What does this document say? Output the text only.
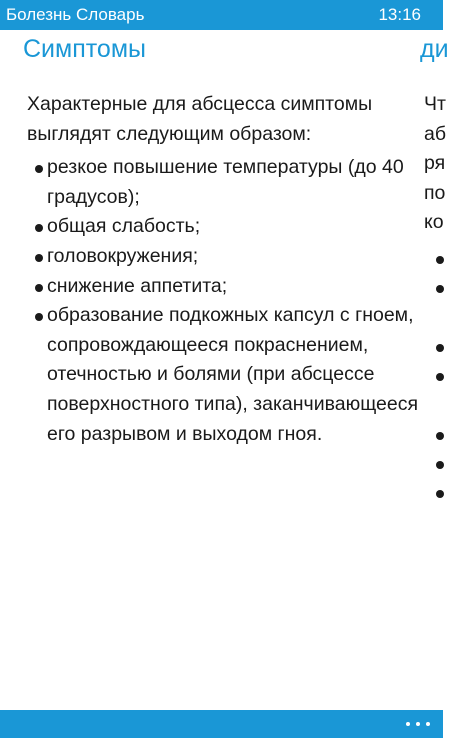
Болезнь Словарь	13:16
Симптомы	ди
Характерные для абсцесса симптомы выглядят следующим образом:
резкое повышение температуры (до 40 градусов);
общая слабость;
головокружения;
снижение аппетита;
образование подкожных капсул с гноем, сопровождающееся покраснением, отечностью и болями (при абсцессе поверхностного типа), заканчивающееся его разрывом и выходом гноя.
Чт
аб
ря
по
ко
